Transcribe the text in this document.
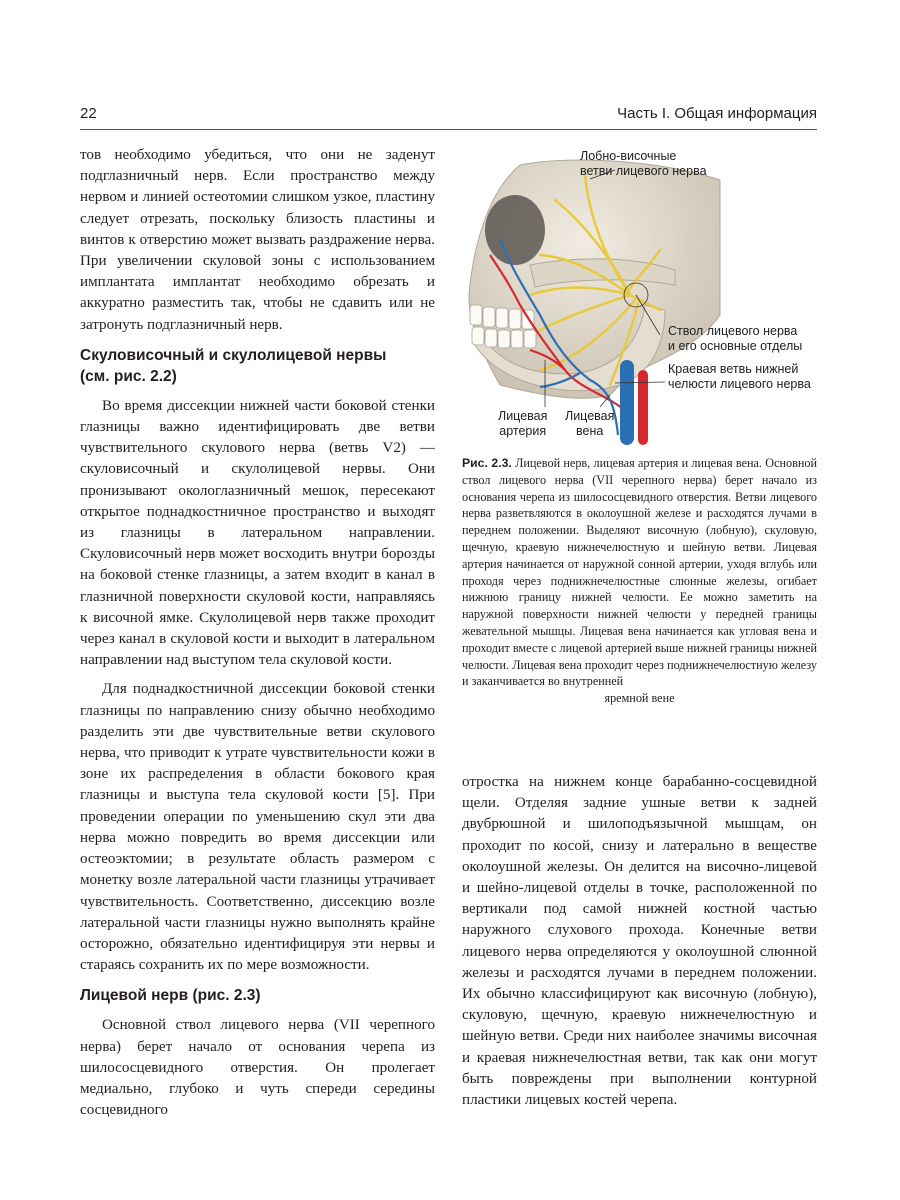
22	Часть I. Общая информация

тов необходимо убедиться, что они не заденут подглазничный нерв. Если пространство между нервом и линией остеотомии слишком узкое, пластину следует отрезать, поскольку близость пластины и винтов к отверстию может вызвать раздражение нерва. При увеличении скуловой зоны с использованием имплантата имплантат необходимо обрезать и аккуратно разместить так, чтобы не сдавить или не затронуть подглазничный нерв.

Скуловисочный и скулолицевой нервы
(см. рис. 2.2)

Во время диссекции нижней части боковой стенки глазницы важно идентифицировать две ветви чувствительного скулового нерва (ветвь V2) — скуловисочный и скулолицевой нервы. Они пронизывают окологлазничный мешок, пересекают открытое поднадкостничное пространство и выходят из глазницы в латеральном направлении. Скуловисочный нерв может восходить внутри борозды на боковой стенке глазницы, а затем входит в канал в глазничной поверхности скуловой кости, направляясь к височной ямке. Скулолицевой нерв также проходит через канал в скуловой кости и выходит в латеральном направлении над выступом тела скуловой кости.

Для поднадкостничной диссекции боковой стенки глазницы по направлению снизу обычно необходимо разделить эти две чувствительные ветви скулового нерва, что приводит к утрате чувствительности кожи в зоне их распределения в области бокового края глазницы и выступа тела скуловой кости [5]. При проведении операции по уменьшению скул эти два нерва можно повредить во время диссекции или остеоэктомии; в результате область размером с монетку возле латеральной части глазницы утрачивает чувствительность. Соответственно, диссекцию возле латеральной части глазницы нужно выполнять крайне осторожно, обязательно идентифицируя эти нервы и стараясь сохранить их по мере возможности.

Лицевой нерв (рис. 2.3)

Основной ствол лицевого нерва (VII черепного нерва) берет начало от основания черепа из шилососцевидного отверстия. Он пролегает медиально, глубоко и чуть спереди середины сосцевидного

Лобно-височные
ветви лицевого нерва
Ствол лицевого нерва
и его основные отделы
Краевая ветвь нижней
челюсти лицевого нерва
Лицевая
артерия
Лицевая
вена
Рис. 2.3. Лицевой нерв, лицевая артерия и лицевая вена. Основной ствол лицевого нерва (VII черепного нерва) берет начало из основания черепа из шилососцевидного отверстия. Ветви лицевого нерва разветвляются в околоушной железе и расходятся лучами в переднем положении. Выделяют височную (лобную), скуловую, щечную, краевую нижнечелюстную и шейную ветви. Лицевая артерия начинается от наружной сонной артерии, уходя вглубь или проходя через поднижнечелюстные слюнные железы, огибает нижнюю границу нижней челюсти. Ее можно заметить на наружной поверхности нижней челюсти у передней границы жевательной мышцы. Лицевая вена начинается как угловая вена и проходит вместе с лицевой артерией выше нижней границы нижней челюсти. Лицевая вена проходит через поднижнечелюстную железу и заканчивается во внутренней
яремной вене

отростка на нижнем конце барабанно-сосцевидной щели. Отделяя задние ушные ветви к задней двубрюшной и шилоподъязычной мышцам, он проходит по косой, снизу и латерально в веществе околоушной железы. Он делится на височно-лицевой и шейно-лицевой отделы в точке, расположенной по вертикали под самой нижней костной частью наружного слухового прохода. Конечные ветви лицевого нерва определяются у околоушной слюнной железы и расходятся лучами в переднем положении. Их обычно классифицируют как височную (лобную), скуловую, щечную, краевую нижнечелюстную и шейную ветви. Среди них наиболее значимы височная и краевая нижнечелюстная ветви, так как они могут быть повреждены при выполнении контурной пластики лицевых костей черепа.
